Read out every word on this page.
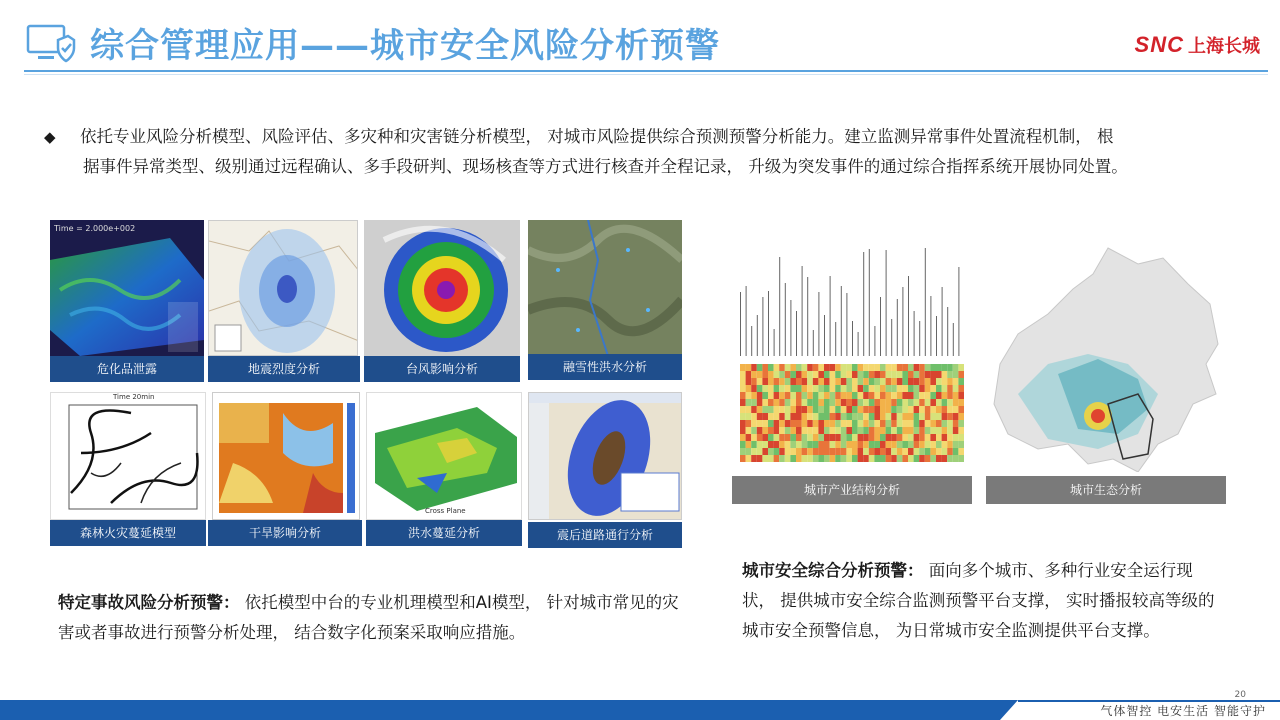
综合管理应用——城市安全风险分析预警	SNC 上海长城
◆	依托专业风险分析模型、风险评估、多灾种和灾害链分析模型， 对城市风险提供综合预测预警分析能力。建立监测异常事件处置流程机制， 根
据事件异常类型、级别通过远程确认、多手段研判、现场核查等方式进行核查并全程记录， 升级为突发事件的通过综合指挥系统开展协同处置。
Time = 2.000e+002
危化品泄露	地震烈度分析	台风影响分析	融雪性洪水分析
Time 20min
Cross Plane
森林火灾蔓延模型	干旱影响分析	洪水蔓延分析	震后道路通行分析
城市产业结构分析	城市生态分析
特定事故风险分析预警： 依托模型中台的专业机理模型和AI模型， 针对城市常见的灾害或者事故进行预警分析处理， 结合数字化预案采取响应措施。
城市安全综合分析预警： 面向多个城市、多种行业安全运行现状， 提供城市安全综合监测预警平台支撑， 实时播报较高等级的城市安全预警信息， 为日常城市安全监测提供平台支撑。
20
气体智控 电安生活 智能守护
